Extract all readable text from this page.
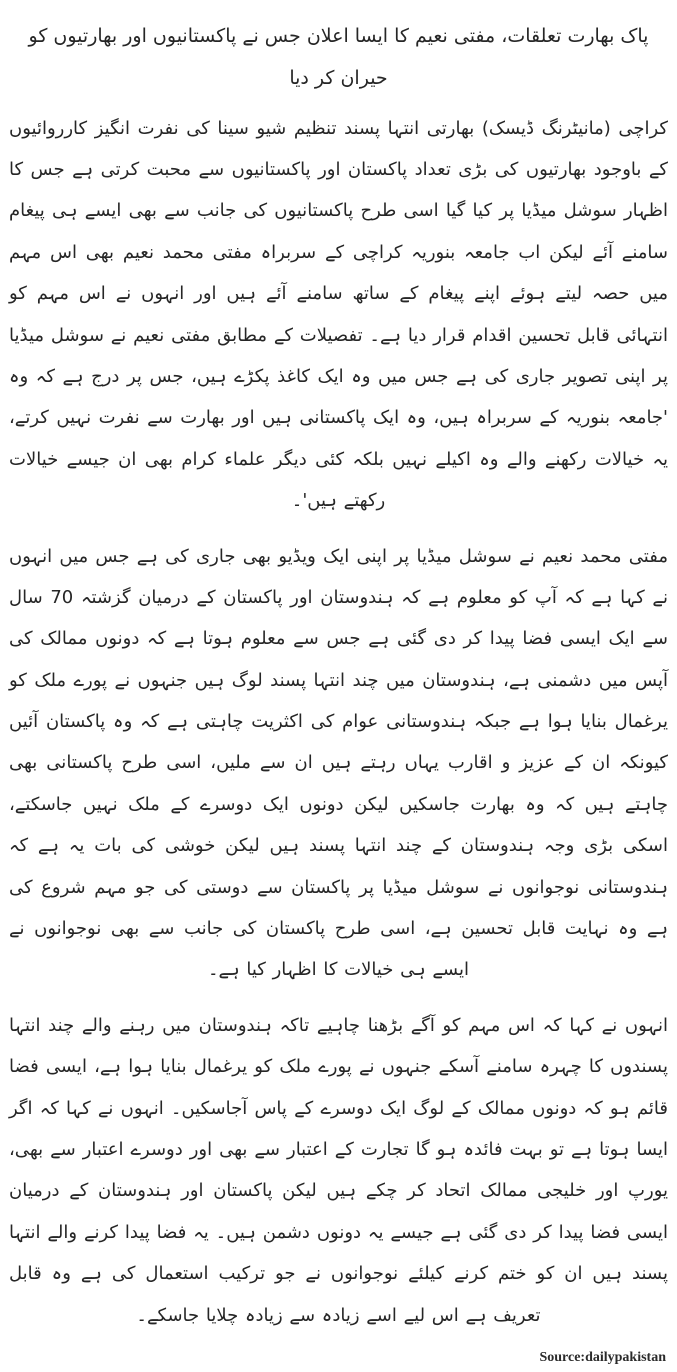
پاک بھارت تعلقات، مفتی نعیم کا ایسا اعلان جس نے پاکستانیوں اور بھارتیوں کو حیران کر دیا

کراچی (مانیٹرنگ ڈیسک) بھارتی انتہا پسند تنظیم شیو سینا کی نفرت انگیز کارروائیوں کے باوجود بھارتیوں کی بڑی تعداد پاکستان اور پاکستانیوں سے محبت کرتی ہے جس کا اظہار سوشل میڈیا پر کیا گیا اسی طرح پاکستانیوں کی جانب سے بھی ایسے ہی پیغام سامنے آئے لیکن اب جامعہ بنوریہ کراچی کے سربراہ مفتی محمد نعیم بھی اس مہم میں حصہ لیتے ہوئے اپنے پیغام کے ساتھ سامنے آئے ہیں اور انہوں نے اس مہم کو انتہائی قابل تحسین اقدام قرار دیا ہے۔ تفصیلات کے مطابق مفتی نعیم نے سوشل میڈیا پر اپنی تصویر جاری کی ہے جس میں وہ ایک کاغذ پکڑے ہیں، جس پر درج ہے کہ وہ 'جامعہ بنوریہ کے سربراہ ہیں، وہ ایک پاکستانی ہیں اور بھارت سے نفرت نہیں کرتے، یہ خیالات رکھنے والے وہ اکیلے نہیں بلکہ کئی دیگر علماء کرام بھی ان جیسے خیالات رکھتے ہیں'۔

مفتی محمد نعیم نے سوشل میڈیا پر اپنی ایک ویڈیو بھی جاری کی ہے جس میں انہوں نے کہا ہے کہ آپ کو معلوم ہے کہ ہندوستان اور پاکستان کے درمیان گزشتہ 70 سال سے ایک ایسی فضا پیدا کر دی گئی ہے جس سے معلوم ہوتا ہے کہ دونوں ممالک کی آپس میں دشمنی ہے، ہندوستان میں چند انتہا پسند لوگ ہیں جنہوں نے پورے ملک کو یرغمال بنایا ہوا ہے جبکہ ہندوستانی عوام کی اکثریت چاہتی ہے کہ وہ پاکستان آئیں کیونکہ ان کے عزیز و اقارب یہاں رہتے ہیں ان سے ملیں، اسی طرح پاکستانی بھی چاہتے ہیں کہ وہ بھارت جاسکیں لیکن دونوں ایک دوسرے کے ملک نہیں جاسکتے، اسکی بڑی وجہ ہندوستان کے چند انتہا پسند ہیں لیکن خوشی کی بات یہ ہے کہ ہندوستانی نوجوانوں نے سوشل میڈیا پر پاکستان سے دوستی کی جو مہم شروع کی ہے وہ نہایت قابل تحسین ہے، اسی طرح پاکستان کی جانب سے بھی نوجوانوں نے ایسے ہی خیالات کا اظہار کیا ہے۔

انہوں نے کہا کہ اس مہم کو آگے بڑھنا چاہیے تاکہ ہندوستان میں رہنے والے چند انتہا پسندوں کا چہرہ سامنے آسکے جنہوں نے پورے ملک کو یرغمال بنایا ہوا ہے، ایسی فضا قائم ہو کہ دونوں ممالک کے لوگ ایک دوسرے کے پاس آجاسکیں۔ انہوں نے کہا کہ اگر ایسا ہوتا ہے تو بہت فائدہ ہو گا تجارت کے اعتبار سے بھی اور دوسرے اعتبار سے بھی، یورپ اور خلیجی ممالک اتحاد کر چکے ہیں لیکن پاکستان اور ہندوستان کے درمیان ایسی فضا پیدا کر دی گئی ہے جیسے یہ دونوں دشمن ہیں۔ یہ فضا پیدا کرنے والے انتہا پسند ہیں ان کو ختم کرنے کیلئے نوجوانوں نے جو ترکیب استعمال کی ہے وہ قابل تعریف ہے اس لیے اسے زیادہ سے زیادہ چلایا جاسکے۔

Source:dailypakistan
